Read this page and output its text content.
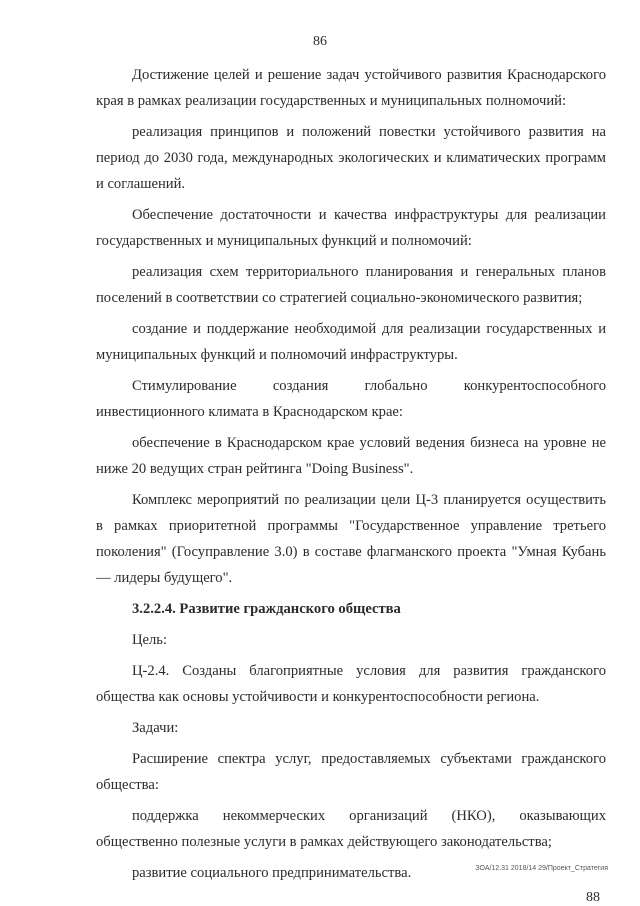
86

Достижение целей и решение задач устойчивого развития Краснодарского края в рамках реализации государственных и муниципальных полномочий:

реализация принципов и положений повестки устойчивого развития на период до 2030 года, международных экологических и климатических программ и соглашений.

Обеспечение достаточности и качества инфраструктуры для реализации государственных и муниципальных функций и полномочий:

реализация схем территориального планирования и генеральных планов поселений в соответствии со стратегией социально-экономического развития;

создание и поддержание необходимой для реализации государственных и муниципальных функций и полномочий инфраструктуры.

Стимулирование создания глобально конкурентоспособного инвестиционного климата в Краснодарском крае:

обеспечение в Краснодарском крае условий ведения бизнеса на уровне не ниже 20 ведущих стран рейтинга "Doing Business".

Комплекс мероприятий по реализации цели Ц-3 планируется осуществить в рамках приоритетной программы "Государственное управление третьего поколения" (Госуправление 3.0) в составе флагманского проекта "Умная Кубань — лидеры будущего".

3.2.2.4. Развитие гражданского общества

Цель:

Ц-2.4. Созданы благоприятные условия для развития гражданского общества как основы устойчивости и конкурентоспособности региона.

Задачи:

Расширение спектра услуг, предоставляемых субъектами гражданского общества:

поддержка некоммерческих организаций (НКО), оказывающих общественно полезные услуги в рамках действующего законодательства;

развитие социального предпринимательства.	ЗОА/12.31 2018/14 29/Проект_Стратегия
88
